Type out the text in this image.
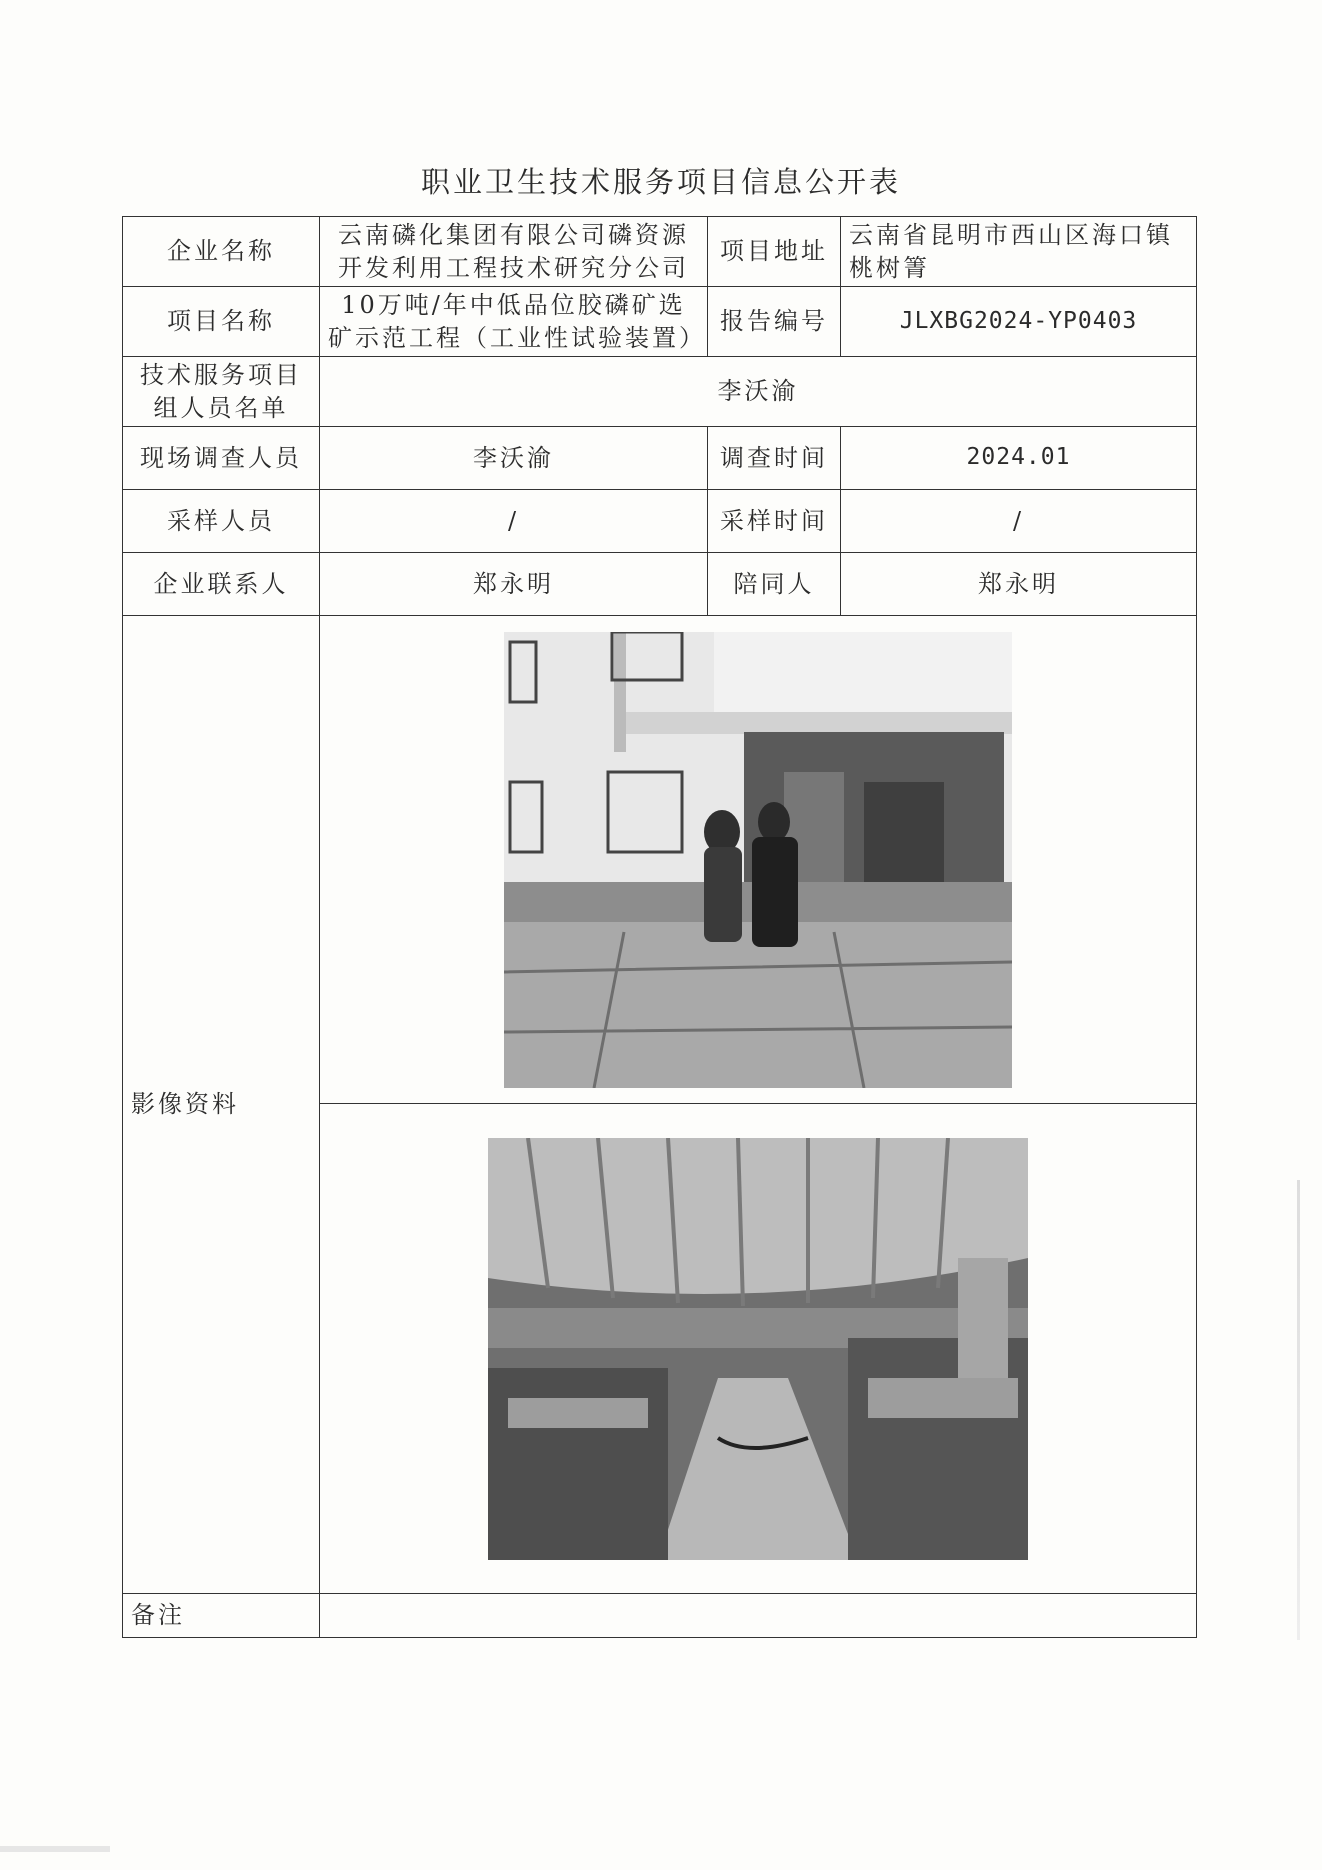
职业卫生技术服务项目信息公开表
企业名称	云南磷化集团有限公司磷资源开发利用工程技术研究分公司	项目地址	云南省昆明市西山区海口镇桃树箐
项目名称	10万吨/年中低品位胶磷矿选矿示范工程（工业性试验装置）	报告编号	JLXBG2024-YP0403
技术服务项目组人员名单	李沃渝		
现场调查人员	李沃渝	调查时间	2024.01
采样人员	/	采样时间	/
企业联系人	郑永明	陪同人	郑永明
影像资料	

备注			
